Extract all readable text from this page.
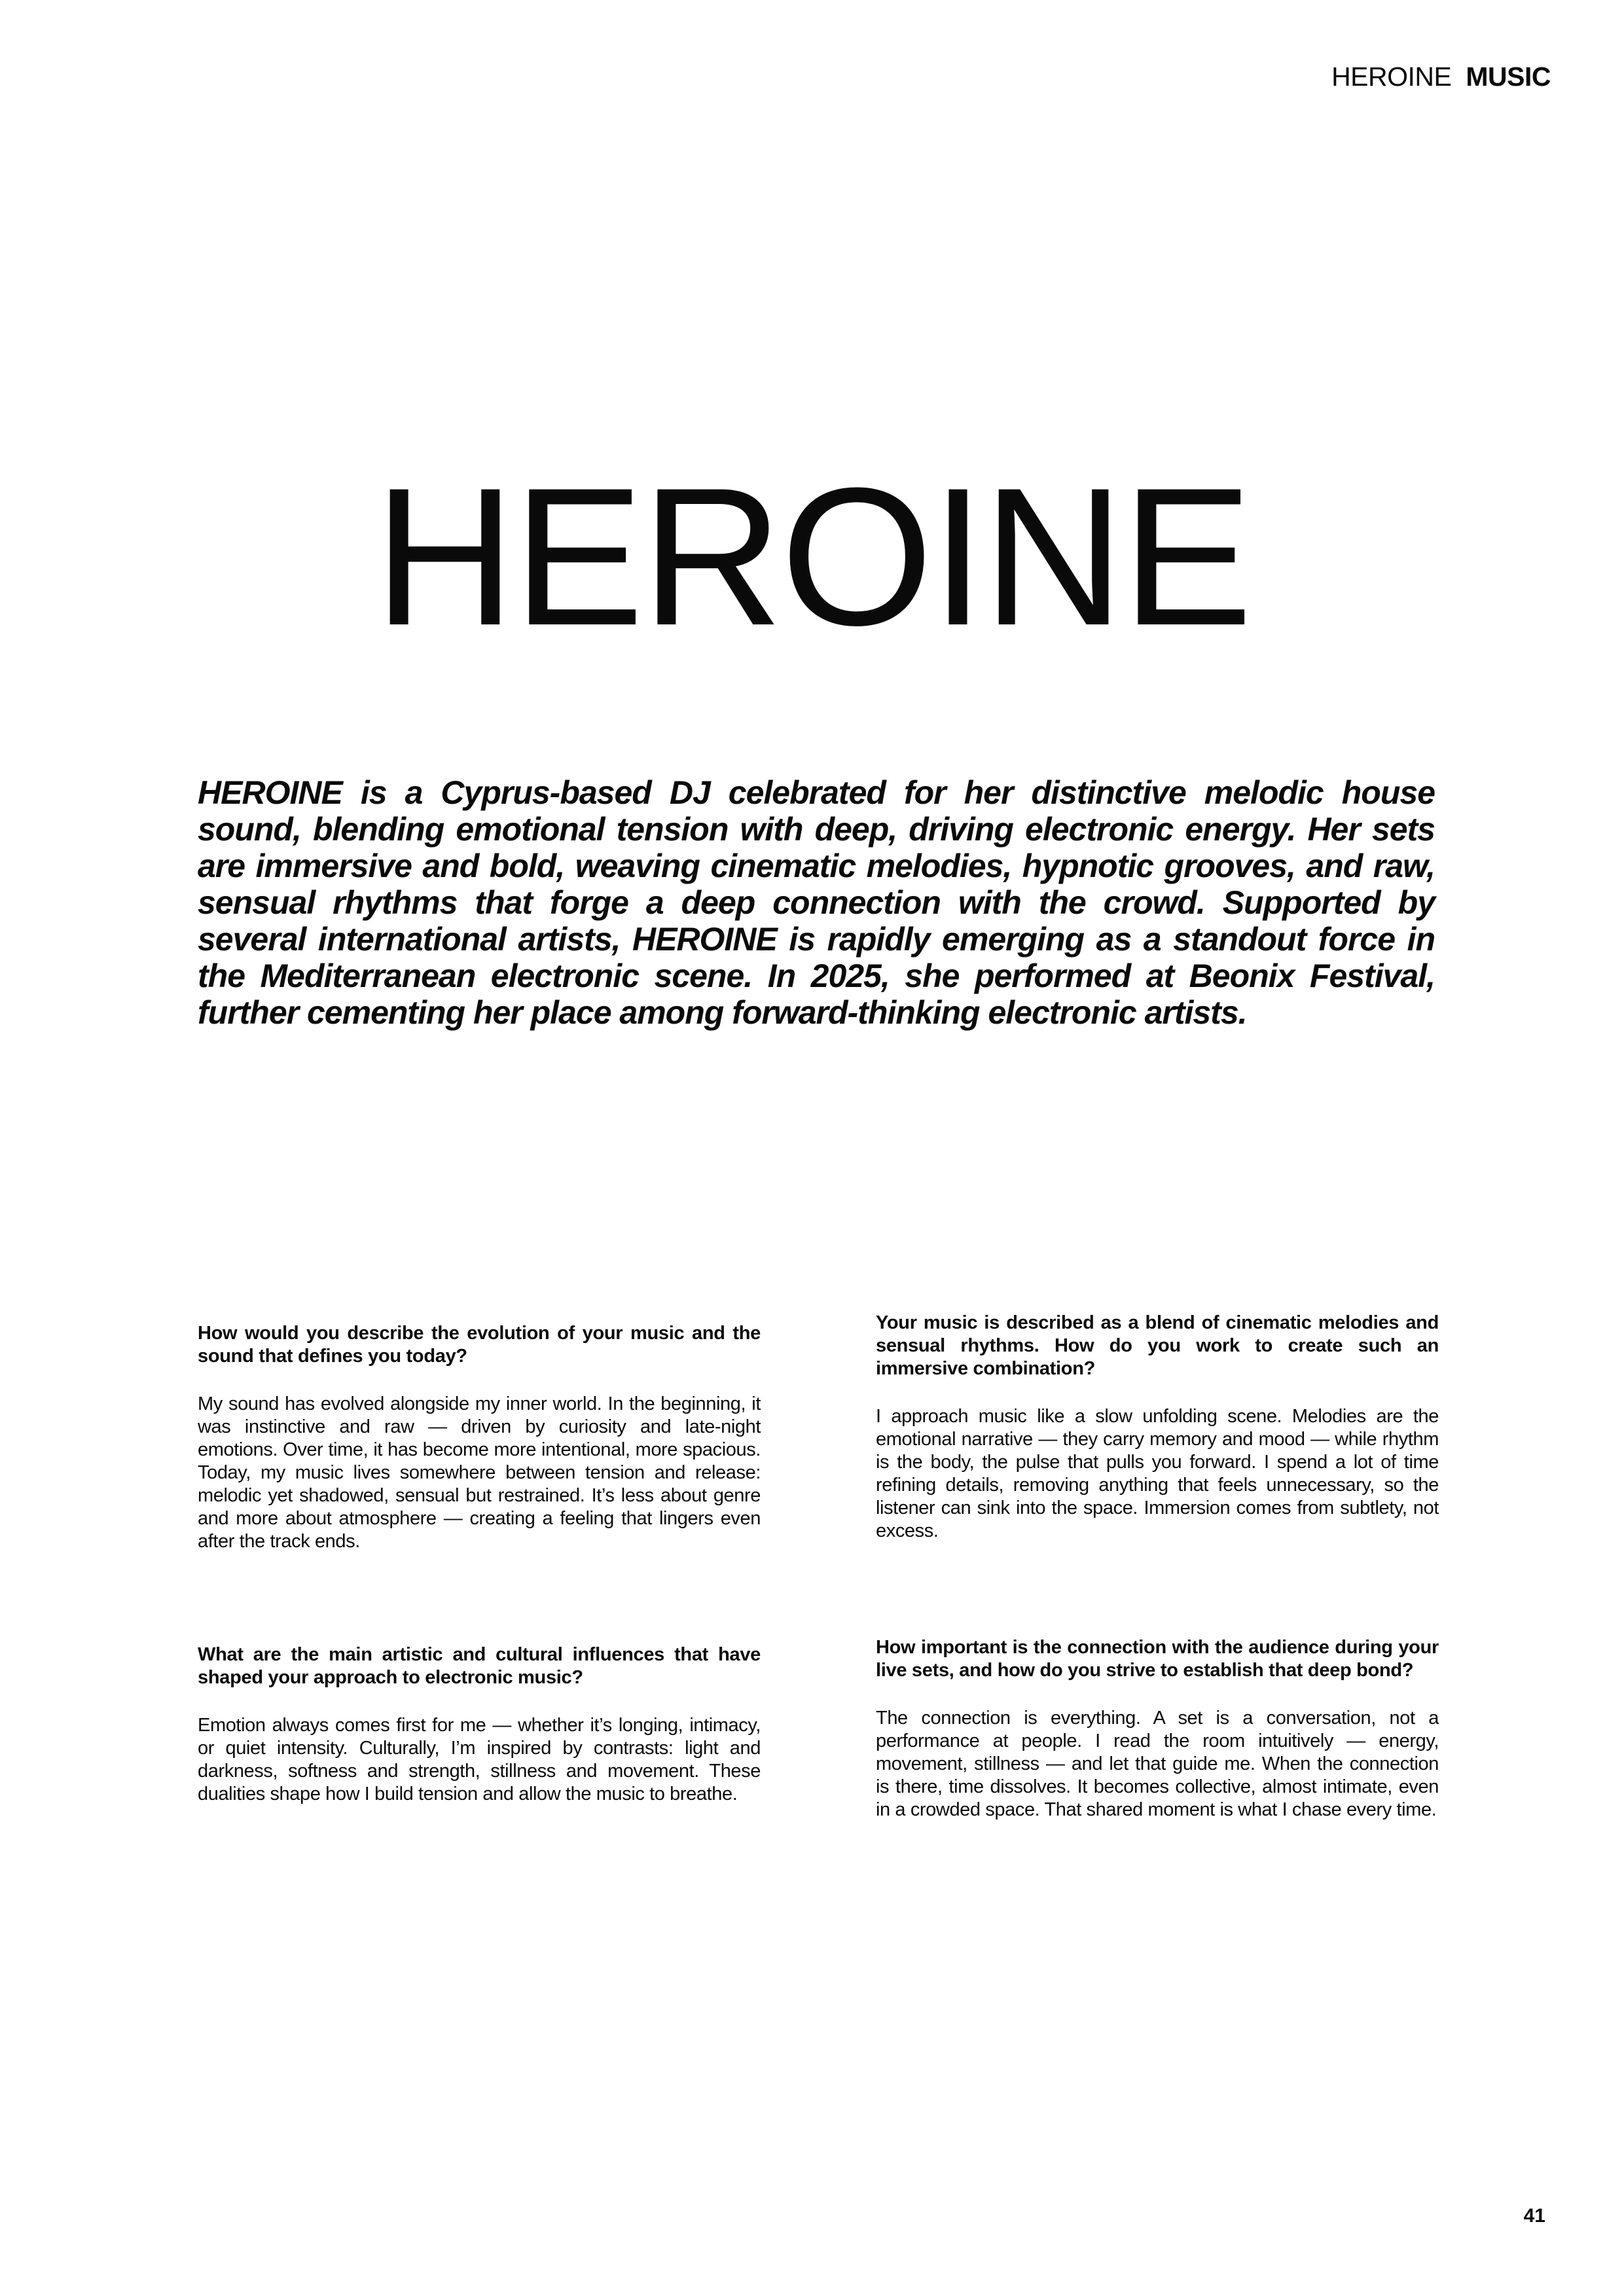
HEROINE MUSIC
HEROINE

HEROINE is a Cyprus-based DJ celebrated for her distinctive melodic house sound, blending emotional tension with deep, driving electronic energy. Her sets are immersive and bold, weaving cinematic melodies, hypnotic grooves, and raw, sensual rhythms that forge a deep connection with the crowd. Supported by several international artists, HEROINE is rapidly emerging as a standout force in the Mediterranean electronic scene. In 2025, she performed at Beonix Festival, further cementing her place among forward-thinking electronic artists.

How would you describe the evolution of your music and the sound that defines you today?

My sound has evolved alongside my inner world. In the beginning, it was instinctive and raw — driven by curiosity and late-night emotions. Over time, it has become more intentional, more spacious. Today, my music lives somewhere between tension and release: melodic yet shadowed, sensual but restrained. It’s less about genre and more about atmosphere — creating a feeling that lingers even after the track ends.

Your music is described as a blend of cinematic melodies and sensual rhythms. How do you work to create such an immersive combination?

I approach music like a slow unfolding scene. Melodies are the emotional narrative — they carry memory and mood — while rhythm is the body, the pulse that pulls you forward. I spend a lot of time refining details, removing anything that feels unnecessary, so the listener can sink into the space. Immersion comes from subtlety, not excess.

What are the main artistic and cultural influences that have shaped your approach to electronic music?

Emotion always comes first for me — whether it’s longing, intimacy, or quiet intensity. Culturally, I’m inspired by contrasts: light and darkness, softness and strength, stillness and movement. These dualities shape how I build tension and allow the music to breathe.

How important is the connection with the audience during your live sets, and how do you strive to establish that deep bond?

The connection is everything. A set is a conversation, not a performance at people. I read the room intuitively — energy, movement, stillness — and let that guide me. When the connection is there, time dissolves. It becomes collective, almost intimate, even in a crowded space. That shared moment is what I chase every time.

41
